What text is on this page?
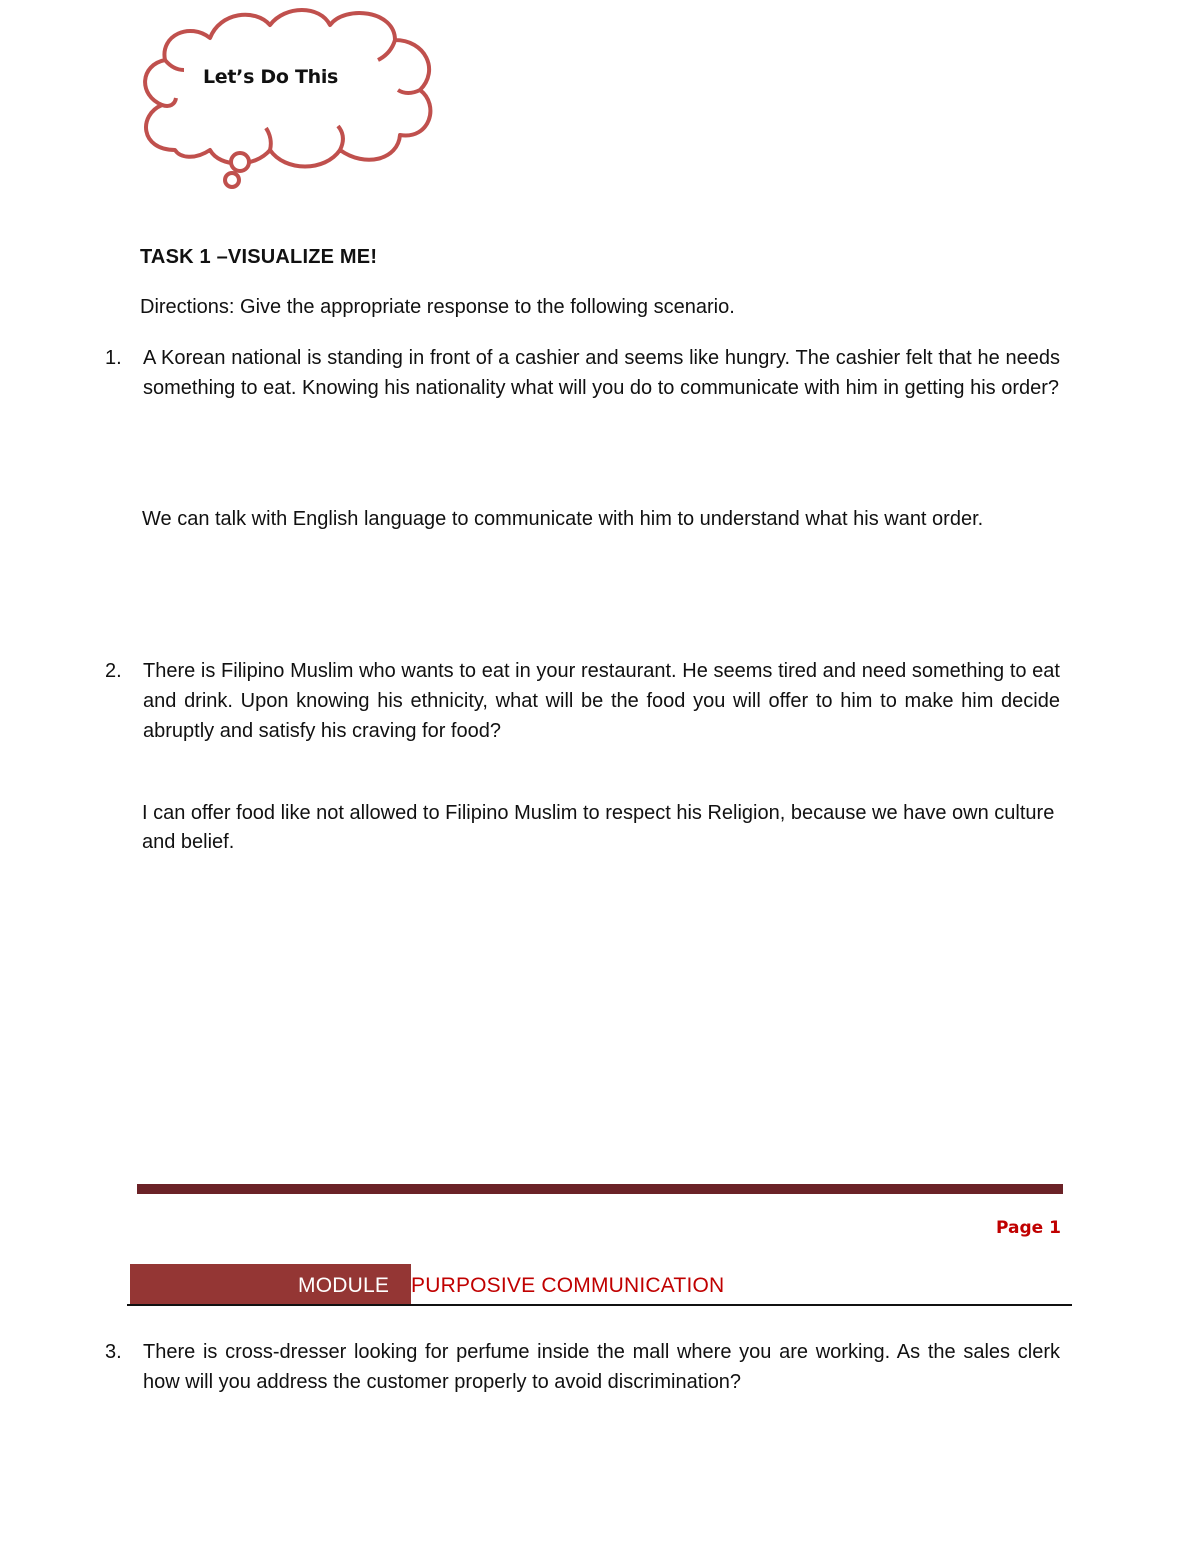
Let’s Do This
TASK 1 –VISUALIZE ME!
Directions: Give the appropriate response to the following scenario.
1. A Korean national is standing in front of a cashier and seems like hungry. The cashier felt that he needs something to eat. Knowing his nationality what will you do to communicate with him in getting his order?
We can talk with English language to communicate with him to understand what his want order.
2. There is Filipino Muslim who wants to eat in your restaurant. He seems tired and need something to eat and drink. Upon knowing his ethnicity, what will be the food you will offer to him to make him decide abruptly and satisfy his craving for food?
I can offer food like not allowed to Filipino Muslim to respect his Religion, because we have own culture and belief.
Page 1
MODULE PURPOSIVE COMMUNICATION
3. There is cross-dresser looking for perfume inside the mall where you are working. As the sales clerk how will you address the customer properly to avoid discrimination?
